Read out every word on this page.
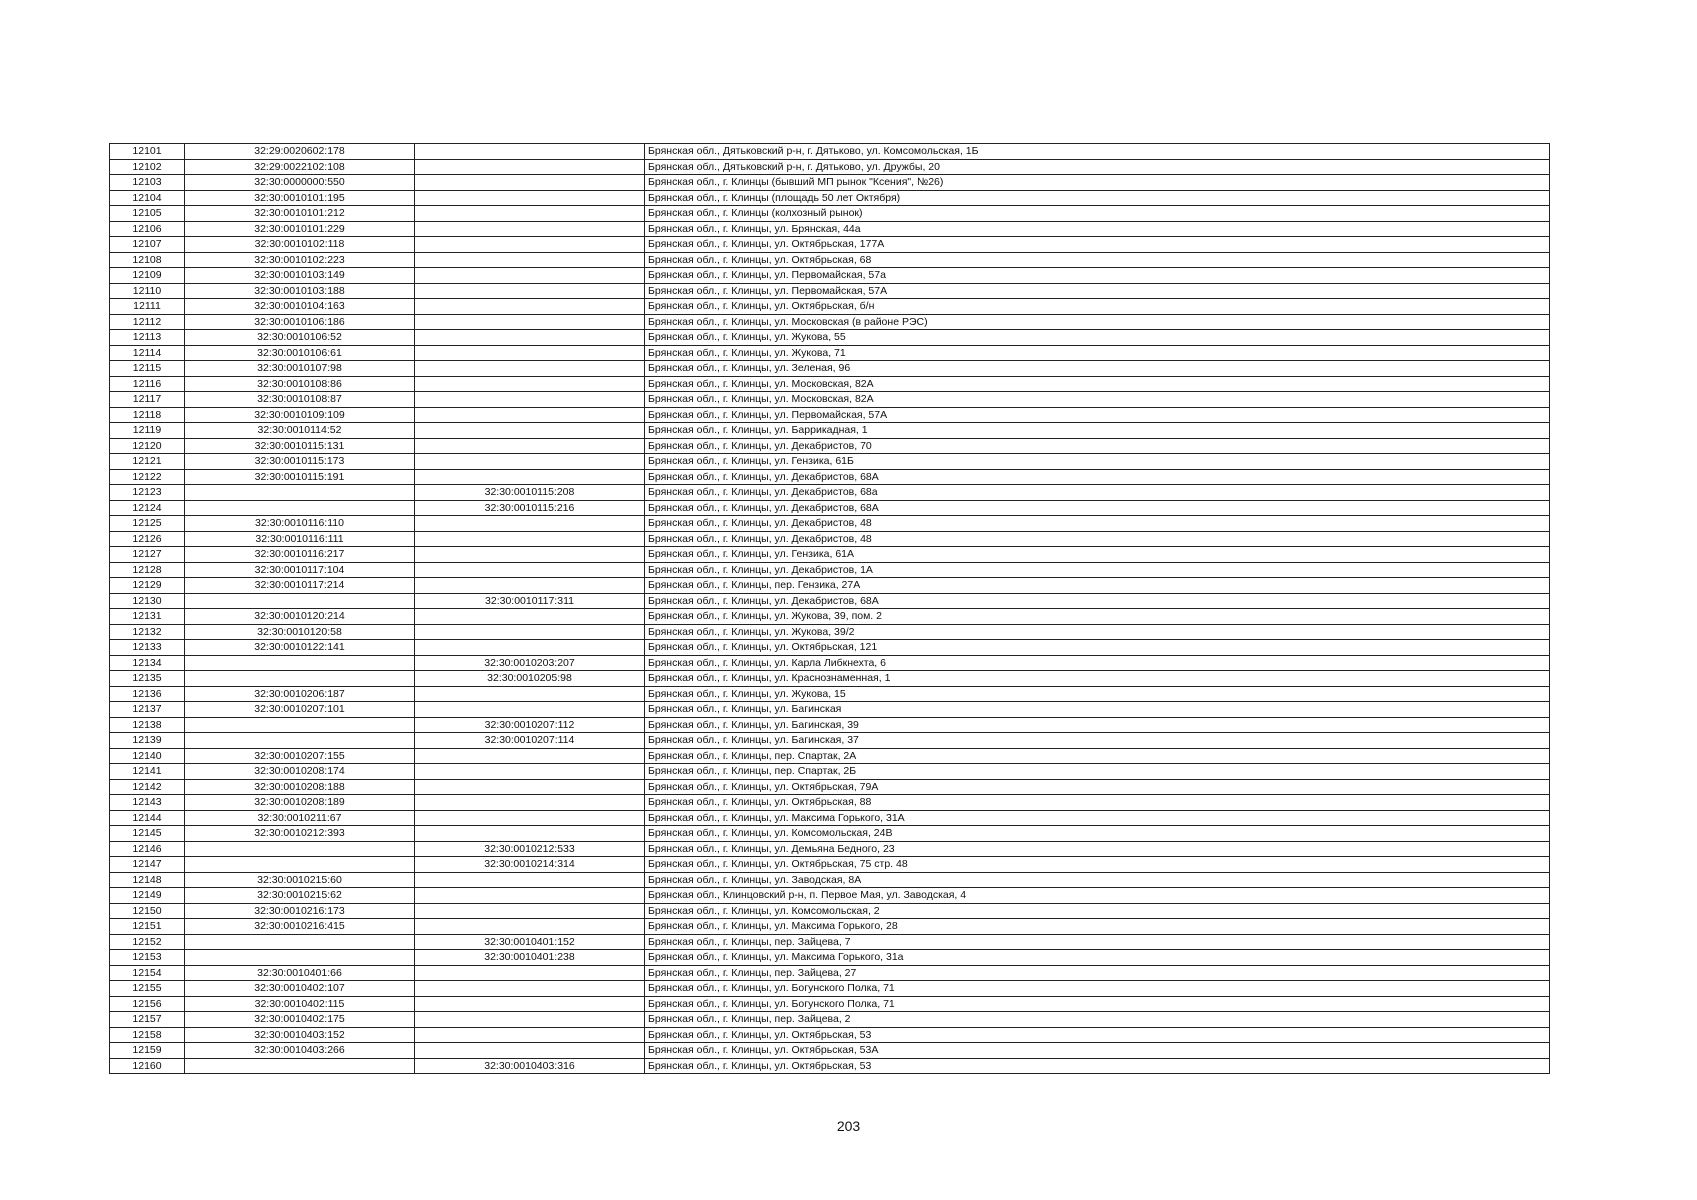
12101	32:29:0020602:178		Брянская обл., Дятьковский р-н, г. Дятьково, ул. Комсомольская, 1Б
12102	32:29:0022102:108		Брянская обл., Дятьковский р-н, г. Дятьково, ул. Дружбы, 20
12103	32:30:0000000:550		Брянская обл., г. Клинцы (бывший МП рынок "Ксения", №26)
12104	32:30:0010101:195		Брянская обл., г. Клинцы (площадь 50 лет Октября)
12105	32:30:0010101:212		Брянская обл., г. Клинцы (колхозный рынок)
12106	32:30:0010101:229		Брянская обл., г. Клинцы, ул. Брянская, 44а
12107	32:30:0010102:118		Брянская обл., г. Клинцы, ул. Октябрьская, 177А
12108	32:30:0010102:223		Брянская обл., г. Клинцы, ул. Октябрьская, 68
12109	32:30:0010103:149		Брянская обл., г. Клинцы, ул. Первомайская, 57а
12110	32:30:0010103:188		Брянская обл., г. Клинцы, ул. Первомайская, 57А
12111	32:30:0010104:163		Брянская обл., г. Клинцы, ул. Октябрьская, б/н
12112	32:30:0010106:186		Брянская обл., г. Клинцы, ул. Московская (в районе РЭС)
12113	32:30:0010106:52		Брянская обл., г. Клинцы, ул. Жукова, 55
12114	32:30:0010106:61		Брянская обл., г. Клинцы, ул. Жукова, 71
12115	32:30:0010107:98		Брянская обл., г. Клинцы, ул. Зеленая, 96
12116	32:30:0010108:86		Брянская обл., г. Клинцы, ул. Московская, 82А
12117	32:30:0010108:87		Брянская обл., г. Клинцы, ул. Московская, 82А
12118	32:30:0010109:109		Брянская обл., г. Клинцы, ул. Первомайская, 57А
12119	32:30:0010114:52		Брянская обл., г. Клинцы, ул. Баррикадная, 1
12120	32:30:0010115:131		Брянская обл., г. Клинцы, ул. Декабристов, 70
12121	32:30:0010115:173		Брянская обл., г. Клинцы, ул. Гензика, 61Б
12122	32:30:0010115:191		Брянская обл., г. Клинцы, ул. Декабристов, 68А
12123		32:30:0010115:208	Брянская обл., г. Клинцы, ул. Декабристов, 68а
12124		32:30:0010115:216	Брянская обл., г. Клинцы, ул. Декабристов, 68А
12125	32:30:0010116:110		Брянская обл., г. Клинцы, ул. Декабристов, 48
12126	32:30:0010116:111		Брянская обл., г. Клинцы, ул. Декабристов, 48
12127	32:30:0010116:217		Брянская обл., г. Клинцы, ул. Гензика, 61А
12128	32:30:0010117:104		Брянская обл., г. Клинцы, ул. Декабристов, 1А
12129	32:30:0010117:214		Брянская обл., г. Клинцы, пер. Гензика, 27А
12130		32:30:0010117:311	Брянская обл., г. Клинцы, ул. Декабристов, 68А
12131	32:30:0010120:214		Брянская обл., г. Клинцы, ул. Жукова, 39, пом. 2
12132	32:30:0010120:58		Брянская обл., г. Клинцы, ул. Жукова, 39/2
12133	32:30:0010122:141		Брянская обл., г. Клинцы, ул. Октябрьская, 121
12134		32:30:0010203:207	Брянская обл., г. Клинцы, ул. Карла Либкнехта, 6
12135		32:30:0010205:98	Брянская обл., г. Клинцы, ул. Краснознаменная, 1
12136	32:30:0010206:187		Брянская обл., г. Клинцы, ул. Жукова, 15
12137	32:30:0010207:101		Брянская обл., г. Клинцы, ул. Багинская
12138		32:30:0010207:112	Брянская обл., г. Клинцы, ул. Багинская, 39
12139		32:30:0010207:114	Брянская обл., г. Клинцы, ул. Багинская, 37
12140	32:30:0010207:155		Брянская обл., г. Клинцы, пер. Спартак, 2А
12141	32:30:0010208:174		Брянская обл., г. Клинцы, пер. Спартак, 2Б
12142	32:30:0010208:188		Брянская обл., г. Клинцы, ул. Октябрьская, 79А
12143	32:30:0010208:189		Брянская обл., г. Клинцы, ул. Октябрьская, 88
12144	32:30:0010211:67		Брянская обл., г. Клинцы, ул. Максима Горького, 31А
12145	32:30:0010212:393		Брянская обл., г. Клинцы, ул. Комсомольская, 24В
12146		32:30:0010212:533	Брянская обл., г. Клинцы, ул. Демьяна Бедного, 23
12147		32:30:0010214:314	Брянская обл., г. Клинцы, ул. Октябрьская, 75 стр. 48
12148	32:30:0010215:60		Брянская обл., г. Клинцы, ул. Заводская, 8А
12149	32:30:0010215:62		Брянская обл., Клинцовский р-н, п. Первое Мая, ул. Заводская, 4
12150	32:30:0010216:173		Брянская обл., г. Клинцы, ул. Комсомольская, 2
12151	32:30:0010216:415		Брянская обл., г. Клинцы, ул. Максима Горького, 28
12152		32:30:0010401:152	Брянская обл., г. Клинцы, пер. Зайцева, 7
12153		32:30:0010401:238	Брянская обл., г. Клинцы, ул. Максима Горького, 31а
12154	32:30:0010401:66		Брянская обл., г. Клинцы, пер. Зайцева, 27
12155	32:30:0010402:107		Брянская обл., г. Клинцы, ул. Богунского Полка, 71
12156	32:30:0010402:115		Брянская обл., г. Клинцы, ул. Богунского Полка, 71
12157	32:30:0010402:175		Брянская обл., г. Клинцы, пер. Зайцева, 2
12158	32:30:0010403:152		Брянская обл., г. Клинцы, ул. Октябрьская, 53
12159	32:30:0010403:266		Брянская обл., г. Клинцы, ул. Октябрьская, 53А
12160		32:30:0010403:316	Брянская обл., г. Клинцы, ул. Октябрьская, 53
203
